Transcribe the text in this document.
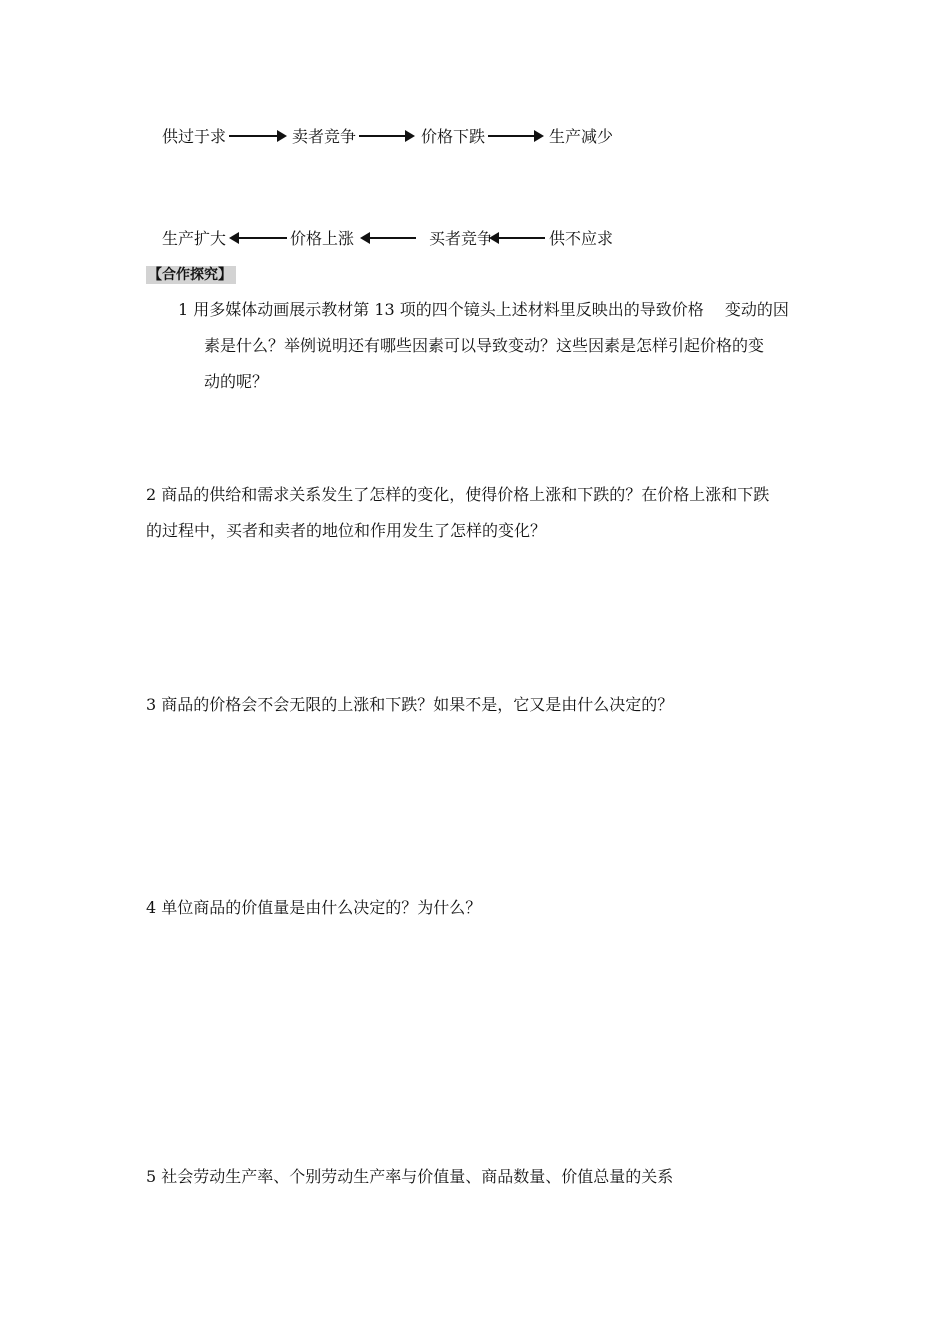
供过于求	卖者竞争	价格下跌	生产减少
生产扩大	价格上涨	买者竞争	供不应求
【合作探究】
1 用多媒体动画展示教材第 13 项的四个镜头上述材料里反映出的导致价格 　变动的因
素是什么？举例说明还有哪些因素可以导致变动？这些因素是怎样引起价格的变
动的呢？
2 商品的供给和需求关系发生了怎样的变化，使得价格上涨和下跌的？在价格上涨和下跌
的过程中，买者和卖者的地位和作用发生了怎样的变化？
3 商品的价格会不会无限的上涨和下跌？如果不是，它又是由什么决定的？
4 单位商品的价值量是由什么决定的？为什么？
5 社会劳动生产率、个别劳动生产率与价值量、商品数量、价值总量的关系
